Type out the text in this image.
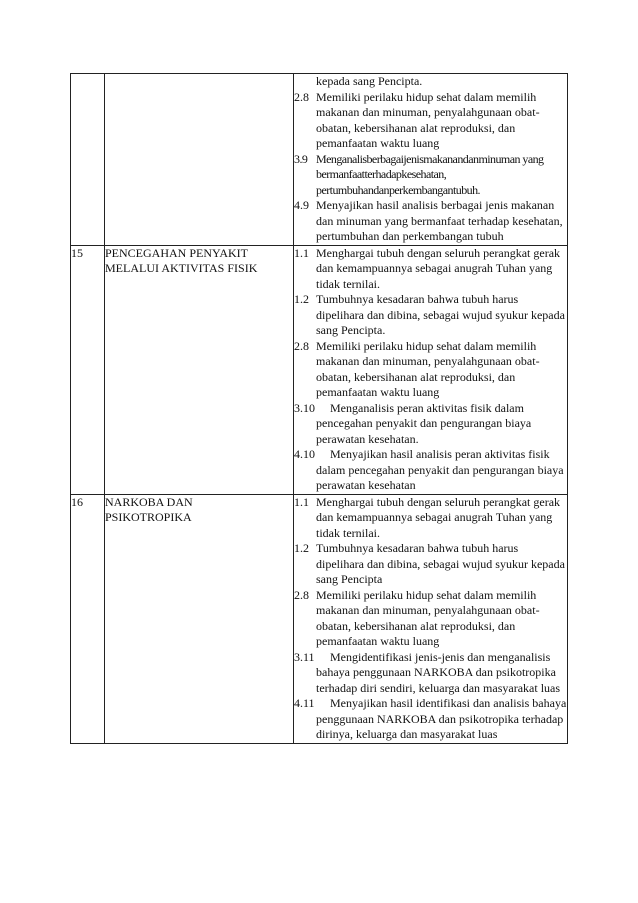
		kepada sang Pencipta.
2.8 Memiliki perilaku hidup sehat dalam memilih makanan dan minuman, penyalahgunaan obat-obatan, kebersihanan alat reproduksi, dan pemanfaatan waktu luang
3.9 Menganalisberbagaijenismakanandanminuman yang bermanfaatterhadapkesehatan, pertumbuhandanperkembangantubuh.
4.9 Menyajikan hasil analisis berbagai jenis makanan dan minuman yang bermanfaat terhadap kesehatan, pertumbuhan dan perkembangan tubuh

15	PENCEGAHAN PENYAKIT
MELALUI AKTIVITAS FISIK	1.1 Menghargai tubuh dengan seluruh perangkat gerak dan kemampuannya sebagai anugrah Tuhan yang tidak ternilai.
1.2 Tumbuhnya kesadaran bahwa tubuh harus dipelihara dan dibina, sebagai wujud syukur kepada sang Pencipta.
2.8 Memiliki perilaku hidup sehat dalam memilih makanan dan minuman, penyalahgunaan obat-obatan, kebersihanan alat reproduksi, dan pemanfaatan waktu luang
3.10 Menganalisis peran aktivitas fisik dalam pencegahan penyakit dan pengurangan biaya perawatan kesehatan.
4.10 Menyajikan hasil analisis peran aktivitas fisik dalam pencegahan penyakit dan pengurangan biaya perawatan kesehatan

16	NARKOBA DAN
PSIKOTROPIKA	1.1 Menghargai tubuh dengan seluruh perangkat gerak dan kemampuannya sebagai anugrah Tuhan yang tidak ternilai.
1.2 Tumbuhnya kesadaran bahwa tubuh harus dipelihara dan dibina, sebagai wujud syukur kepada sang Pencipta
2.8 Memiliki perilaku hidup sehat dalam memilih makanan dan minuman, penyalahgunaan obat-obatan, kebersihanan alat reproduksi, dan pemanfaatan waktu luang
3.11 Mengidentifikasi jenis-jenis dan menganalisis bahaya penggunaan NARKOBA dan psikotropika terhadap diri sendiri, keluarga dan masyarakat luas
4.11 Menyajikan hasil identifikasi dan analisis bahaya penggunaan NARKOBA dan psikotropika terhadap dirinya, keluarga dan masyarakat luas
